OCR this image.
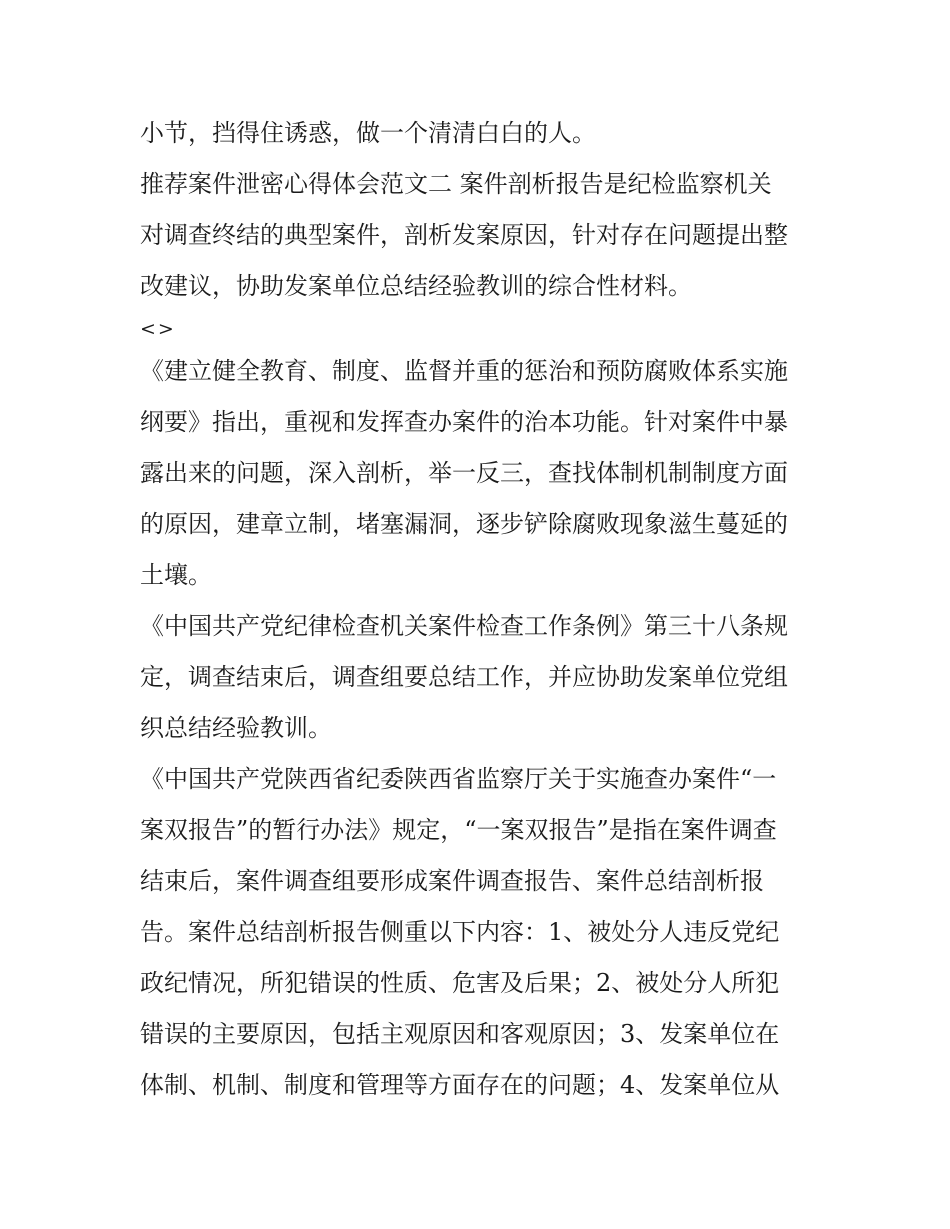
小节，挡得住诱惑，做一个清清白白的人。
推荐案件泄密心得体会范文二 案件剖析报告是纪检监察机关
对调查终结的典型案件，剖析发案原因，针对存在问题提出整
改建议，协助发案单位总结经验教训的综合性材料。
<>
《建立健全教育、制度、监督并重的惩治和预防腐败体系实施
纲要》指出，重视和发挥查办案件的治本功能。针对案件中暴
露出来的问题，深入剖析，举一反三，查找体制机制制度方面
的原因，建章立制，堵塞漏洞，逐步铲除腐败现象滋生蔓延的
土壤。
《中国共产党纪律检查机关案件检查工作条例》第三十八条规
定，调查结束后，调查组要总结工作，并应协助发案单位党组
织总结经验教训。
《中国共产党陕西省纪委陕西省监察厅关于实施查办案件“一
案双报告”的暂行办法》规定，“一案双报告”是指在案件调查
结束后，案件调查组要形成案件调查报告、案件总结剖析报
告。案件总结剖析报告侧重以下内容：1、被处分人违反党纪
政纪情况，所犯错误的性质、危害及后果；2、被处分人所犯
错误的主要原因，包括主观原因和客观原因；3、发案单位在
体制、机制、制度和管理等方面存在的问题；4、发案单位从
